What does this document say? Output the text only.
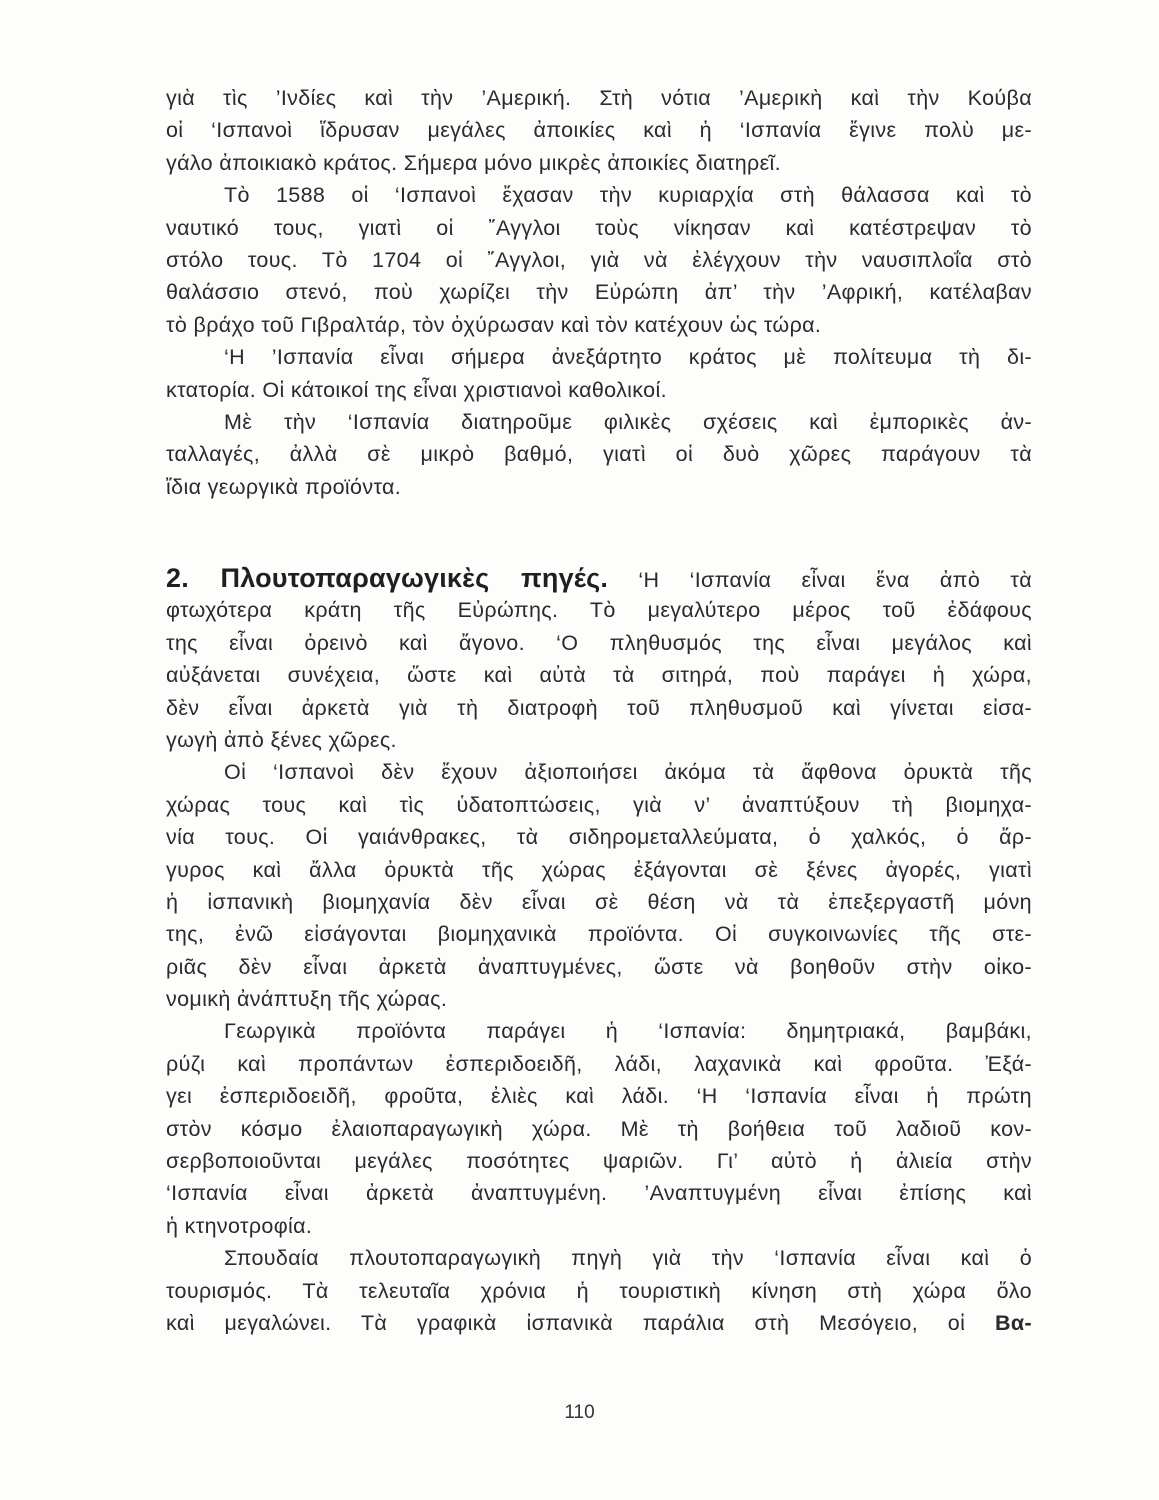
γιὰ τὶς ’Ινδίες καὶ τὴν ’Αμερική. Στὴ νότια ’Αμερικὴ καὶ τὴν Κούβα
οἱ ‘Ισπανοὶ ἵδρυσαν μεγάλες ἀποικίες καὶ ἡ ‘Ισπανία ἔγινε πολὺ με-
γάλο ἀποικιακὸ κράτος. Σήμερα μόνο μικρὲς ἀποικίες διατηρεῖ.
Τὸ 1588 οἱ ‘Ισπανοὶ ἔχασαν τὴν κυριαρχία στὴ θάλασσα καὶ τὸ
ναυτικό τους, γιατὶ οἱ ῎Αγγλοι τοὺς νίκησαν καὶ κατέστρεψαν τὸ
στόλο τους. Τὸ 1704 οἱ ῎Αγγλοι, γιὰ νὰ ἐλέγχουν τὴν ναυσιπλοΐα στὸ
θαλάσσιο στενό, ποὺ χωρίζει τὴν Εὐρώπη ἀπ’ τὴν ’Αφρική, κατέλαβαν
τὸ βράχο τοῦ Γιβραλτάρ, τὸν ὀχύρωσαν καὶ τὸν κατέχουν ὡς τώρα.
‘Η ’Ισπανία εἶναι σήμερα ἀνεξάρτητο κράτος μὲ πολίτευμα τὴ δι-
κτατορία. Οἱ κάτοικοί της εἶναι χριστιανοὶ καθολικοί.
Μὲ τὴν ‘Ισπανία διατηροῦμε φιλικὲς σχέσεις καὶ ἐμπορικὲς ἀν-
ταλλαγές, ἀλλὰ σὲ μικρὸ βαθμό, γιατὶ οἱ δυὸ χῶρες παράγουν τὰ
ἴδια γεωργικὰ προϊόντα.
2. Πλουτοπαραγωγικὲς πηγές. ‘Η ‘Ισπανία εἶναι ἕνα ἀπὸ τὰ
φτωχότερα κράτη τῆς Εὐρώπης. Τὸ μεγαλύτερο μέρος τοῦ ἐδάφους
της εἶναι ὀρεινὸ καὶ ἄγονο. ‘Ο πληθυσμός της εἶναι μεγάλος καὶ
αὐξάνεται συνέχεια, ὥστε καὶ αὐτὰ τὰ σιτηρά, ποὺ παράγει ἡ χώρα,
δὲν εἶναι ἀρκετὰ γιὰ τὴ διατροφὴ τοῦ πληθυσμοῦ καὶ γίνεται εἰσα-
γωγὴ ἀπὸ ξένες χῶρες.
Οἱ ‘Ισπανοὶ δὲν ἔχουν ἀξιοποιήσει ἀκόμα τὰ ἄφθονα ὀρυκτὰ τῆς
χώρας τους καὶ τὶς ὑδατοπτώσεις, γιὰ ν’ ἀναπτύξουν τὴ βιομηχα-
νία τους. Οἱ γαιάνθρακες, τὰ σιδηρομεταλλεύματα, ὁ χαλκός, ὁ ἄρ-
γυρος καὶ ἄλλα ὀρυκτὰ τῆς χώρας ἐξάγονται σὲ ξένες ἀγορές, γιατὶ
ἡ ἰσπανικὴ βιομηχανία δὲν εἶναι σὲ θέση νὰ τὰ ἐπεξεργαστῆ μόνη
της, ἐνῶ εἰσάγονται βιομηχανικὰ προϊόντα. Οἱ συγκοινωνίες τῆς στε-
ριᾶς δὲν εἶναι ἀρκετὰ ἀναπτυγμένες, ὥστε νὰ βοηθοῦν στὴν οἰκο-
νομικὴ ἀνάπτυξη τῆς χώρας.
Γεωργικὰ προϊόντα παράγει ἡ ‘Ισπανία: δημητριακά, βαμβάκι,
ρύζι καὶ προπάντων ἐσπεριδοειδῆ, λάδι, λαχανικὰ καὶ φροῦτα. Ἐξά-
γει ἐσπεριδοειδῆ, φροῦτα, ἐλιὲς καὶ λάδι. ‘Η ‘Ισπανία εἶναι ἡ πρώτη
στὸν κόσμο ἐλαιοπαραγωγικὴ χώρα. Μὲ τὴ βοήθεια τοῦ λαδιοῦ κον-
σερβοποιοῦνται μεγάλες ποσότητες ψαριῶν. Γι’ αὐτὸ ἡ ἁλιεία στὴν
‘Ισπανία εἶναι ἀρκετὰ ἀναπτυγμένη. ’Αναπτυγμένη εἶναι ἐπίσης καὶ
ἡ κτηνοτροφία.
Σπουδαία πλουτοπαραγωγικὴ πηγὴ γιὰ τὴν ‘Ισπανία εἶναι καὶ ὁ
τουρισμός. Τὰ τελευταῖα χρόνια ἡ τουριστικὴ κίνηση στὴ χώρα ὅλο
καὶ μεγαλώνει. Τὰ γραφικὰ ἰσπανικὰ παράλια στὴ Μεσόγειο, οἱ Βα-
110
